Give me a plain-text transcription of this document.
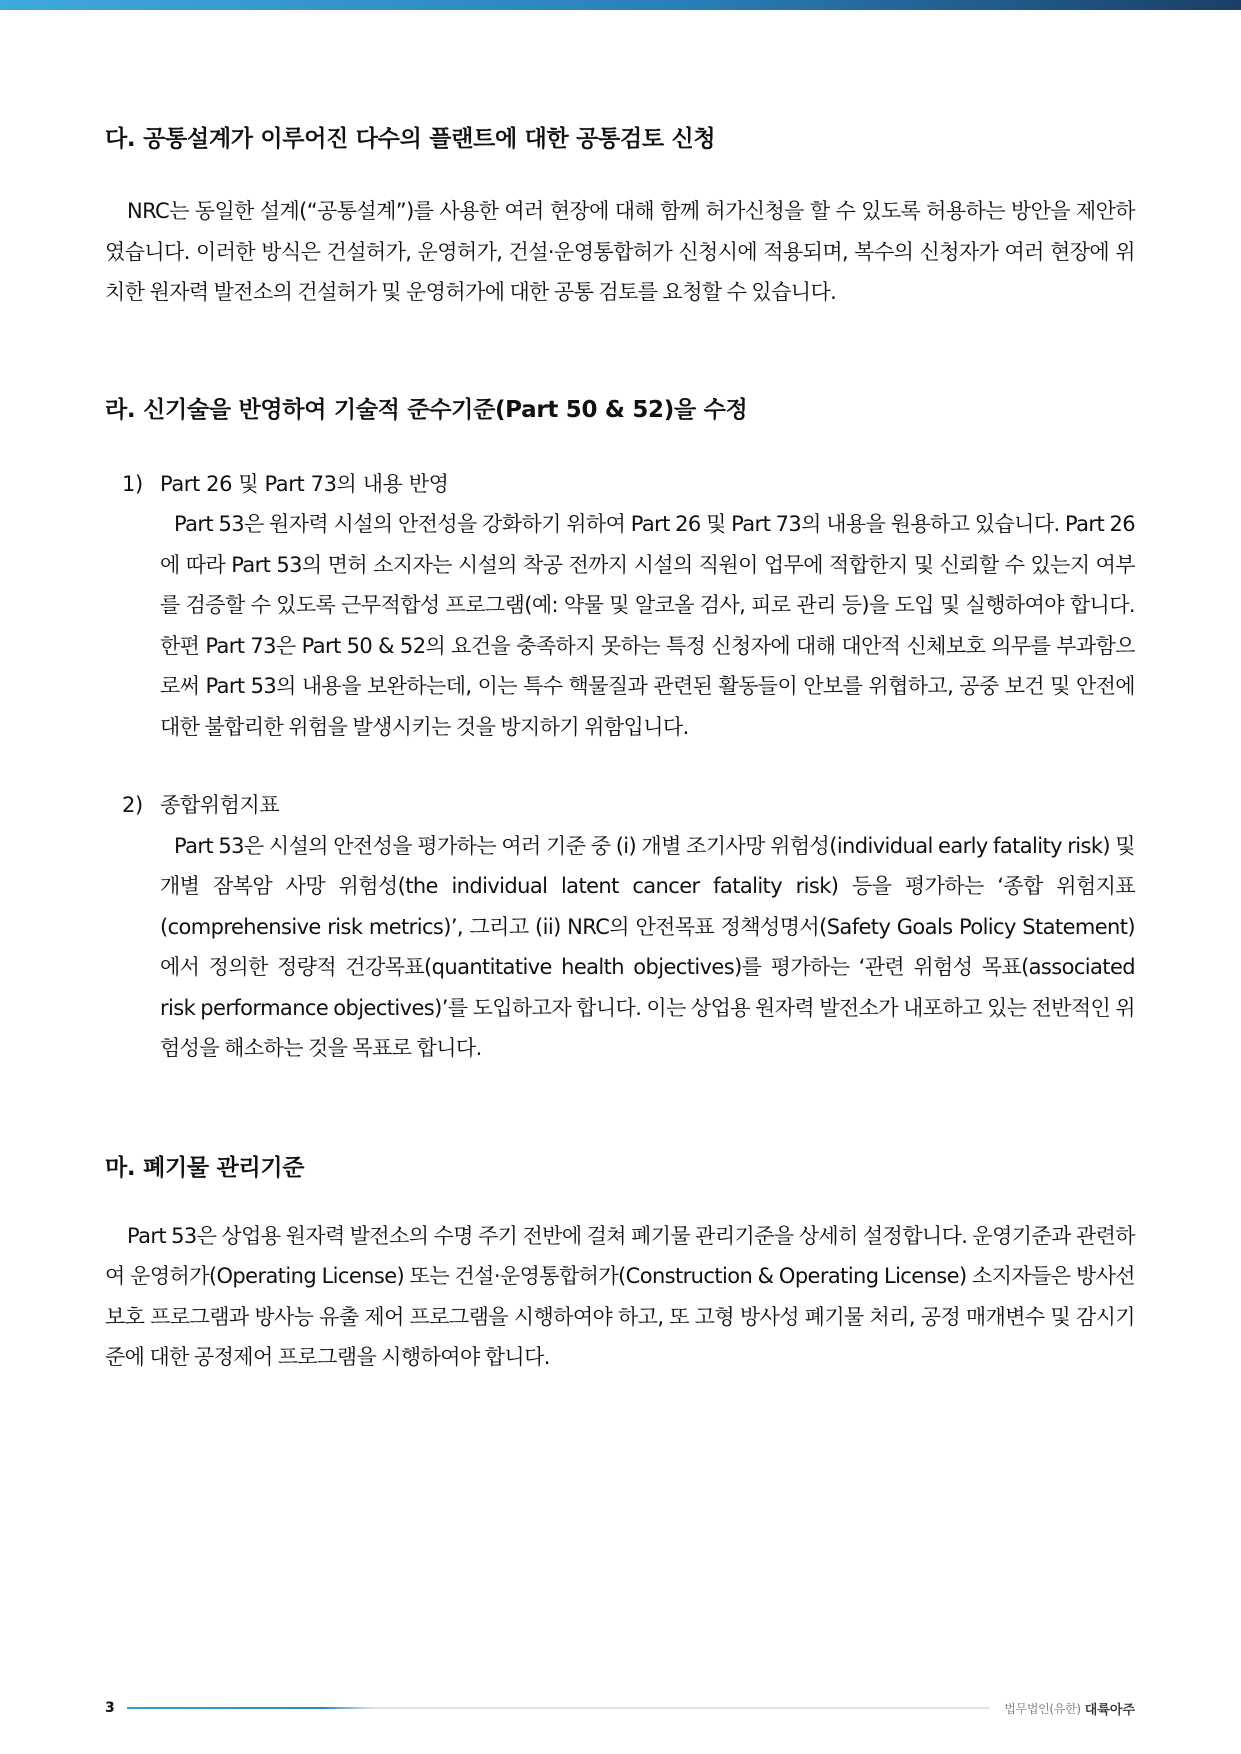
다. 공통설계가 이루어진 다수의 플랜트에 대한 공통검토 신청

NRC는 동일한 설계(“공통설계”)를 사용한 여러 현장에 대해 함께 허가신청을 할 수 있도록 허용하는 방안을 제안하였습니다. 이러한 방식은 건설허가, 운영허가, 건설·운영통합허가 신청시에 적용되며, 복수의 신청자가 여러 현장에 위치한 원자력 발전소의 건설허가 및 운영허가에 대한 공통 검토를 요청할 수 있습니다.

라. 신기술을 반영하여 기술적 준수기준(Part 50 & 52)을 수정
1) Part 26 및 Part 73의 내용 반영

Part 53은 원자력 시설의 안전성을 강화하기 위하여 Part 26 및 Part 73의 내용을 원용하고 있습니다. Part 26에 따라 Part 53의 면허 소지자는 시설의 착공 전까지 시설의 직원이 업무에 적합한지 및 신뢰할 수 있는지 여부를 검증할 수 있도록 근무적합성 프로그램(예: 약물 및 알코올 검사, 피로 관리 등)을 도입 및 실행하여야 합니다. 한편 Part 73은 Part 50 & 52의 요건을 충족하지 못하는 특정 신청자에 대해 대안적 신체보호 의무를 부과함으로써 Part 53의 내용을 보완하는데, 이는 특수 핵물질과 관련된 활동들이 안보를 위협하고, 공중 보건 및 안전에 대한 불합리한 위험을 발생시키는 것을 방지하기 위함입니다.

2) 종합위험지표

Part 53은 시설의 안전성을 평가하는 여러 기준 중 (i) 개별 조기사망 위험성(individual early fatality risk) 및 개별 잠복암 사망 위험성(the individual latent cancer fatality risk) 등을 평가하는 ‘종합 위험지표(comprehensive risk metrics)’, 그리고 (ii) NRC의 안전목표 정책성명서(Safety Goals Policy Statement)에서 정의한 정량적 건강목표(quantitative health objectives)를 평가하는 ‘관련 위험성 목표(associated risk performance objectives)’를 도입하고자 합니다. 이는 상업용 원자력 발전소가 내포하고 있는 전반적인 위험성을 해소하는 것을 목표로 합니다.

마. 폐기물 관리기준

Part 53은 상업용 원자력 발전소의 수명 주기 전반에 걸쳐 폐기물 관리기준을 상세히 설정합니다. 운영기준과 관련하여 운영허가(Operating License) 또는 건설·운영통합허가(Construction & Operating License) 소지자들은 방사선 보호 프로그램과 방사능 유출 제어 프로그램을 시행하여야 하고, 또 고형 방사성 폐기물 처리, 공정 매개변수 및 감시기준에 대한 공정제어 프로그램을 시행하여야 합니다.

3	법무법인(유한) 대륙아주
